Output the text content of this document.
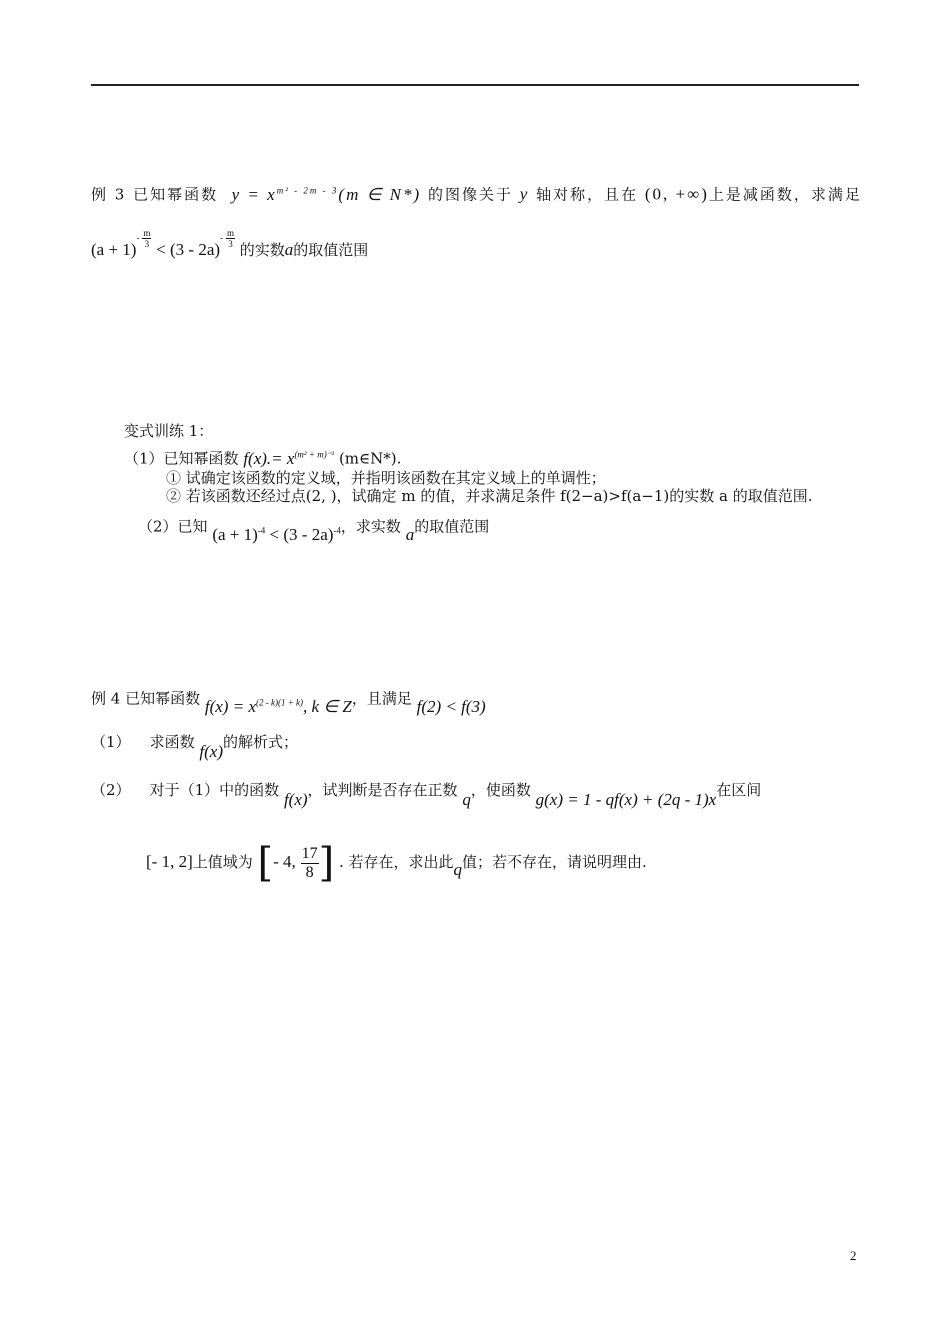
例 3 已知幂函数 $y = x^{m^2 - 2m - 3}(m$ ∈ N*) 的图像关于 y 轴对称，且在 (0, +∞)上是减函数，求满足
$(a + 1)^{- \frac{m}{3}}$
< (3 - 2a)$^{- \frac{m}{3}}$
的实数a的取值范围
变式训练 1：
（1）已知幂函数 $f(x).= x^{(m^2 + m)^{-1}}$ (m∈N*).
① 试确定该函数的定义域，并指明该函数在其定义域上的单调性；
② 若该函数还经过点(2, )，试确定 m 的值，并求满足条件 f(2−a)>f(a−1)的实数 a 的取值范围.
（2）已知 $(a + 1)^{-4} < (3 - 2a)^{-4}$，求实数 a的取值范围
例 4 已知幂函数 $f(x) = x^{(2 - k)(1 + k)}$, k ∈ Z，且满足 f(2) < f(3)
（1） 求函数 f(x)的解析式；
（2） 对于（1）中的函数 f(x)，试判断是否存在正数 q，使函数 g(x) = 1 - qf(x) + (2q - 1)x在区间
[- 1, 2]上值域为 [- 4, $\frac{17}{8}$ ] . 若存在，求出此q值；若不存在，请说明理由.
2
